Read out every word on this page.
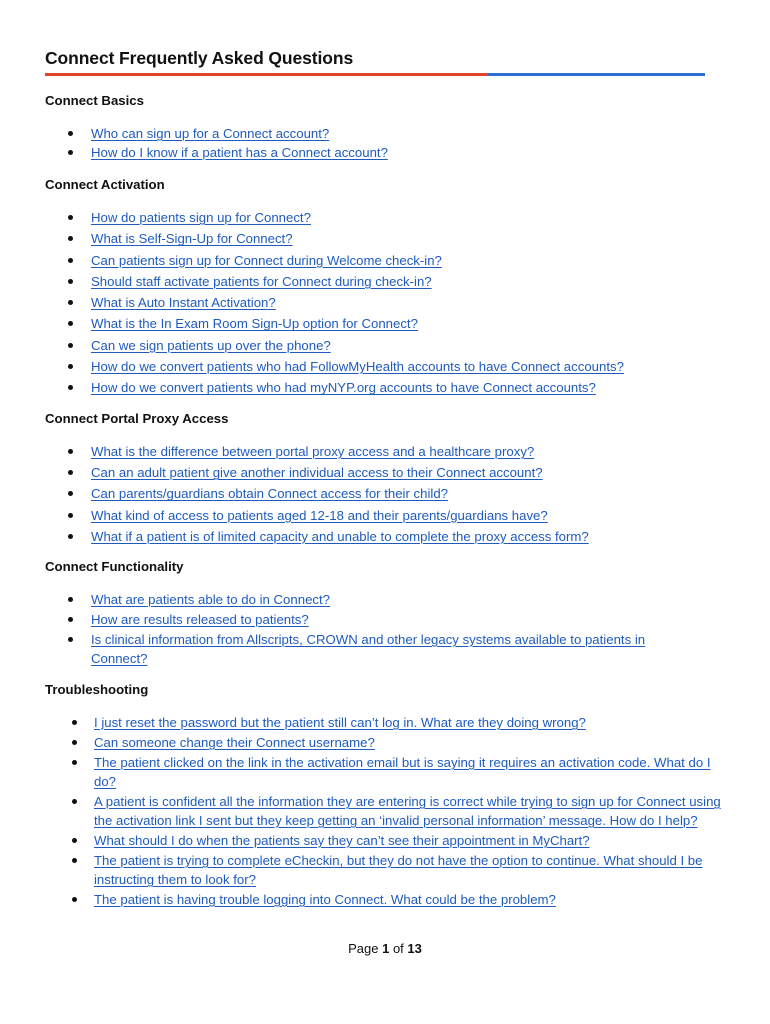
Connect Frequently Asked Questions
Connect Basics
Who can sign up for a Connect account?
How do I know if a patient has a Connect account?
Connect Activation
How do patients sign up for Connect?
What is Self-Sign-Up for Connect?
Can patients sign up for Connect during Welcome check-in?
Should staff activate patients for Connect during check-in?
What is Auto Instant Activation?
What is the In Exam Room Sign-Up option for Connect?
Can we sign patients up over the phone?
How do we convert patients who had FollowMyHealth accounts to have Connect accounts?
How do we convert patients who had myNYP.org accounts to have Connect accounts?
Connect Portal Proxy Access
What is the difference between portal proxy access and a healthcare proxy?
Can an adult patient give another individual access to their Connect account?
Can parents/guardians obtain Connect access for their child?
What kind of access to patients aged 12-18 and their parents/guardians have?
What if a patient is of limited capacity and unable to complete the proxy access form?
Connect Functionality
What are patients able to do in Connect?
How are results released to patients?
Is clinical information from Allscripts, CROWN and other legacy systems available to patients in Connect?
Troubleshooting
I just reset the password but the patient still can’t log in. What are they doing wrong?
Can someone change their Connect username?
The patient clicked on the link in the activation email but is saying it requires an activation code. What do I do?
A patient is confident all the information they are entering is correct while trying to sign up for Connect using the activation link I sent but they keep getting an ‘invalid personal information’ message. How do I help?
What should I do when the patients say they can’t see their appointment in MyChart?
The patient is trying to complete eCheckin, but they do not have the option to continue. What should I be instructing them to look for?
The patient is having trouble logging into Connect. What could be the problem?
Page 1 of 13
